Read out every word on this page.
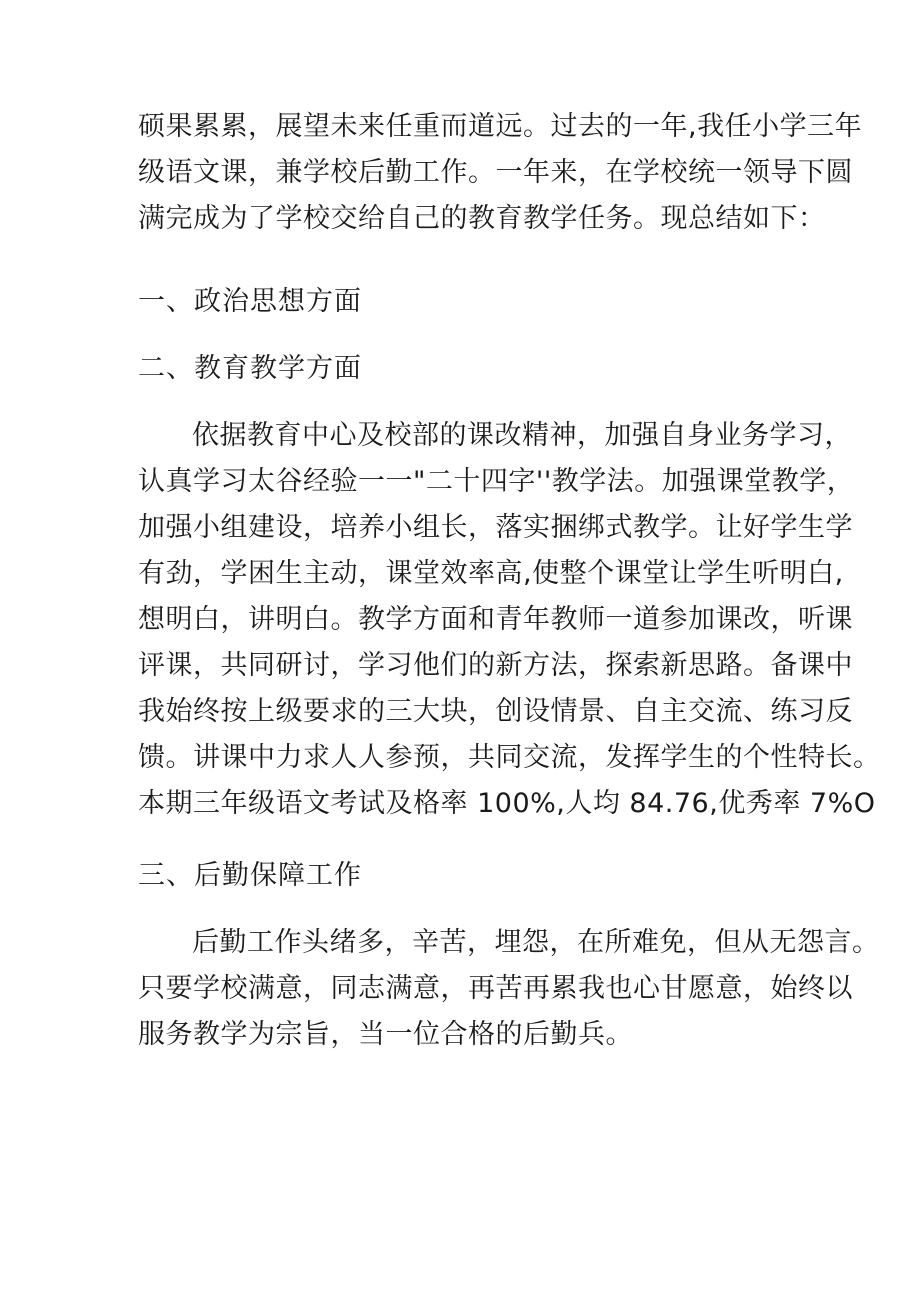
硕果累累，展望未来任重而道远。过去的一年,我任小学三年
级语文课，兼学校后勤工作。一年来，在学校统一领导下圆
满完成为了学校交给自己的教育教学任务。现总结如下：
一、政治思想方面
二、教育教学方面
依据教育中心及校部的课改精神，加强自身业务学习，
认真学习太谷经验一一"二十四字''教学法。加强课堂教学，
加强小组建设，培养小组长，落实捆绑式教学。让好学生学
有劲，学困生主动，课堂效率高,使整个课堂让学生听明白,
想明白，讲明白。教学方面和青年教师一道参加课改，听课
评课，共同研讨，学习他们的新方法，探索新思路。备课中
我始终按上级要求的三大块，创设情景、自主交流、练习反
馈。讲课中力求人人参预，共同交流，发挥学生的个性特长。
本期三年级语文考试及格率 100%,人均 84.76,优秀率 7%O
三、后勤保障工作
后勤工作头绪多，辛苦，埋怨，在所难免，但从无怨言。
只要学校满意，同志满意，再苦再累我也心甘愿意，始终以
服务教学为宗旨，当一位合格的后勤兵。
